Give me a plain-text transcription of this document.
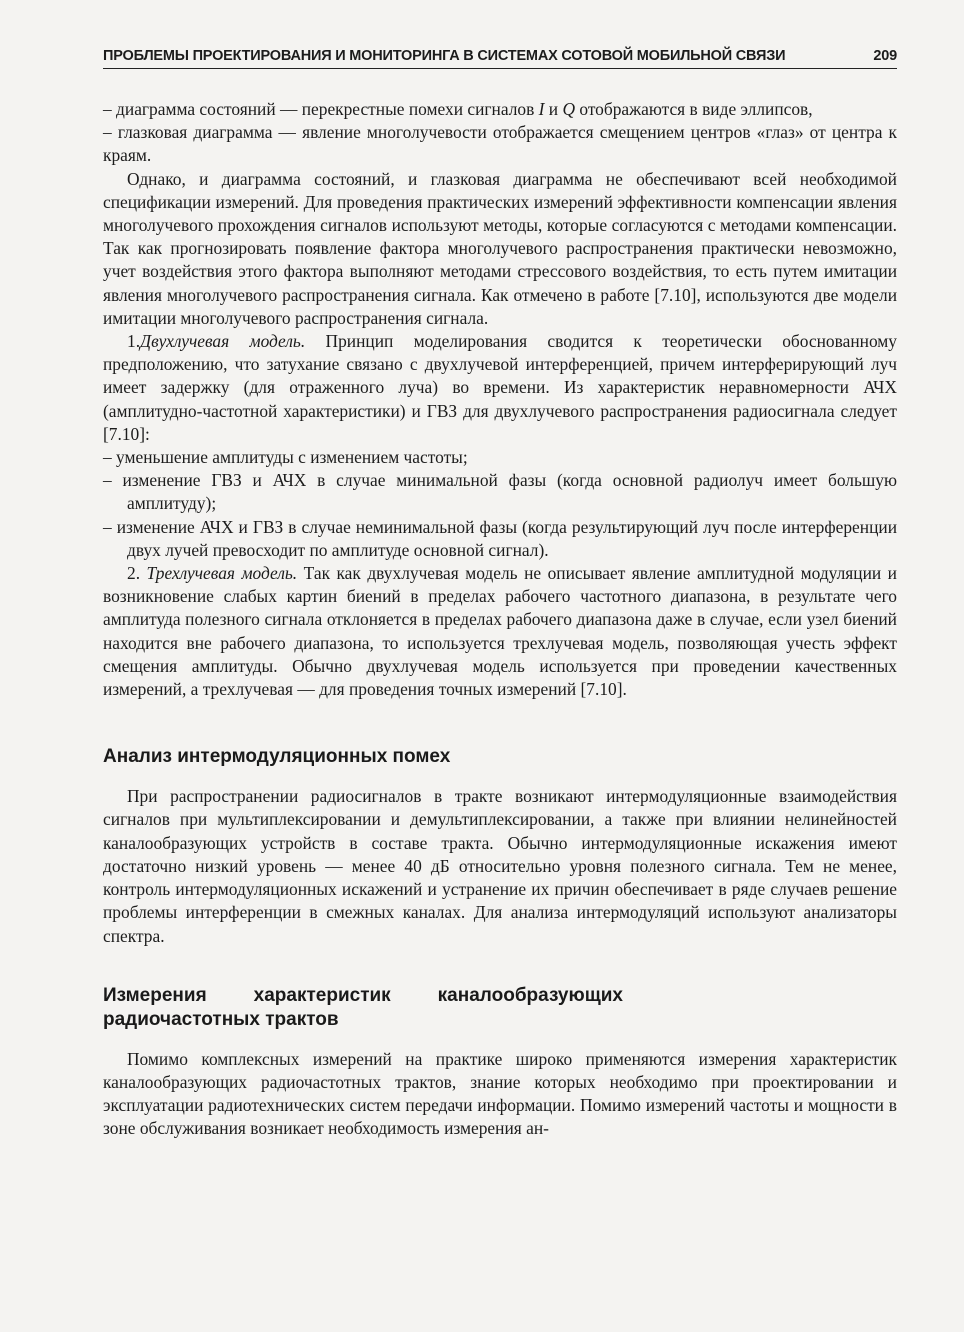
ПРОБЛЕМЫ ПРОЕКТИРОВАНИЯ И МОНИТОРИНГА В СИСТЕМАХ СОТОВОЙ МОБИЛЬНОЙ СВЯЗИ	209

– диаграмма состояний — перекрестные помехи сигналов I и Q отображаются в виде эллипсов,

– глазковая диаграмма — явление многолучевости отображается смещением центров «глаз» от центра к краям.

Однако, и диаграмма состояний, и глазковая диаграмма не обеспечивают всей необходимой спецификации измерений. Для проведения практических измерений эффективности компенсации явления многолучевого прохождения сигналов используют методы, которые согласуются с методами компенсации. Так как прогнозировать появление фактора многолучевого распространения практически невозможно, учет воздействия этого фактора выполняют методами стрессового воздействия, то есть путем имитации явления многолучевого распространения сигнала. Как отмечено в работе [7.10], используются две модели имитации многолучевого распространения сигнала.

1.Двухлучевая модель. Принцип моделирования сводится к теоретически обоснованному предположению, что затухание связано с двухлучевой интерференцией, причем интерферирующий луч имеет задержку (для отраженного луча) во времени. Из характеристик неравномерности АЧХ (амплитудно-частотной характеристики) и ГВЗ для двухлучевого распространения радиосигнала следует [7.10]:

– уменьшение амплитуды с изменением частоты;

– изменение ГВЗ и АЧХ в случае минимальной фазы (когда основной радиолуч имеет большую амплитуду);

– изменение АЧХ и ГВЗ в случае неминимальной фазы (когда результирующий луч после интерференции двух лучей превосходит по амплитуде основной сигнал).

2. Трехлучевая модель. Так как двухлучевая модель не описывает явление амплитудной модуляции и возникновение слабых картин биений в пределах рабочего частотного диапазона, в результате чего амплитуда полезного сигнала отклоняется в пределах рабочего диапазона даже в случае, если узел биений находится вне рабочего диапазона, то используется трехлучевая модель, позволяющая учесть эффект смещения амплитуды. Обычно двухлучевая модель используется при проведении качественных измерений, а трехлучевая — для проведения точных измерений [7.10].

Анализ интермодуляционных помех

При распространении радиосигналов в тракте возникают интермодуляционные взаимодействия сигналов при мультиплексировании и демультиплексировании, а также при влиянии нелинейностей каналообразующих устройств в составе тракта. Обычно интермодуляционные искажения имеют достаточно низкий уровень — менее 40 дБ относительно уровня полезного сигнала. Тем не менее, контроль интермодуляционных искажений и устранение их причин обеспечивает в ряде случаев решение проблемы интерференции в смежных каналах. Для анализа интермодуляций используют анализаторы спектра.

Измерения характеристик каналообразующих радиочастотных трактов

Помимо комплексных измерений на практике широко применяются измерения характеристик каналообразующих радиочастотных трактов, знание которых необходимо при проектировании и эксплуатации радиотехнических систем передачи информации. Помимо измерений частоты и мощности в зоне обслуживания возникает необходимость измерения ан-
